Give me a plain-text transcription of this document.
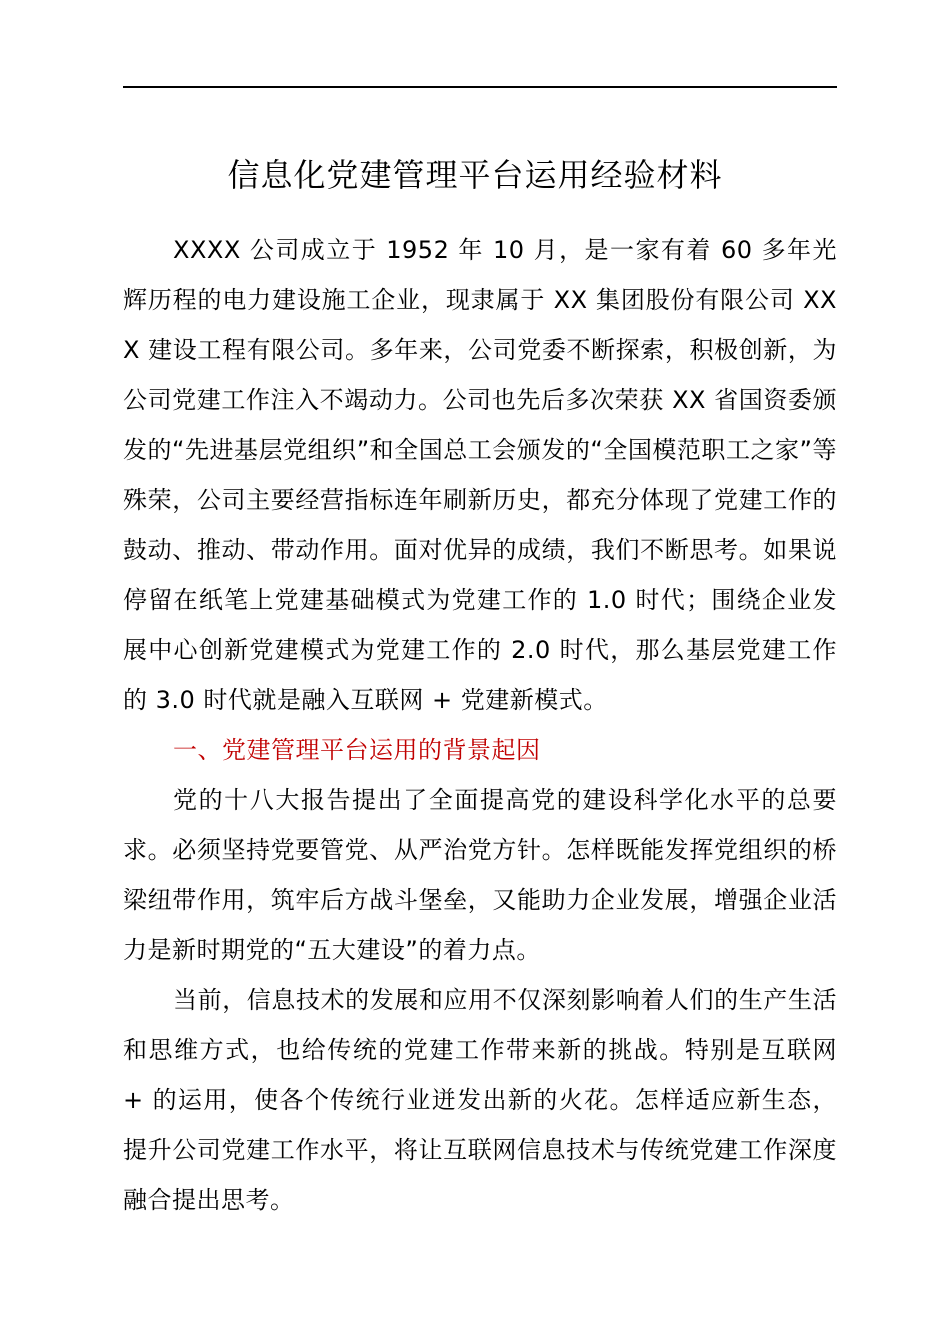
信息化党建管理平台运用经验材料

XXXX 公司成立于 1952 年 10 月，是一家有着 60 多年光辉历程的电力建设施工企业，现隶属于 XX 集团股份有限公司 XXX 建设工程有限公司。多年来，公司党委不断探索，积极创新，为公司党建工作注入不竭动力。公司也先后多次荣获 XX 省国资委颁发的“先进基层党组织”和全国总工会颁发的“全国模范职工之家”等殊荣，公司主要经营指标连年刷新历史，都充分体现了党建工作的鼓动、推动、带动作用。面对优异的成绩，我们不断思考。如果说停留在纸笔上党建基础模式为党建工作的 1.0 时代；围绕企业发展中心创新党建模式为党建工作的 2.0 时代，那么基层党建工作的 3.0 时代就是融入互联网 + 党建新模式。

一、党建管理平台运用的背景起因

党的十八大报告提出了全面提高党的建设科学化水平的总要求。必须坚持党要管党、从严治党方针。怎样既能发挥党组织的桥梁纽带作用，筑牢后方战斗堡垒，又能助力企业发展，增强企业活力是新时期党的“五大建设”的着力点。

当前，信息技术的发展和应用不仅深刻影响着人们的生产生活和思维方式，也给传统的党建工作带来新的挑战。特别是互联网 + 的运用，使各个传统行业迸发出新的火花。怎样适应新生态，提升公司党建工作水平，将让互联网信息技术与传统党建工作深度融合提出思考。
